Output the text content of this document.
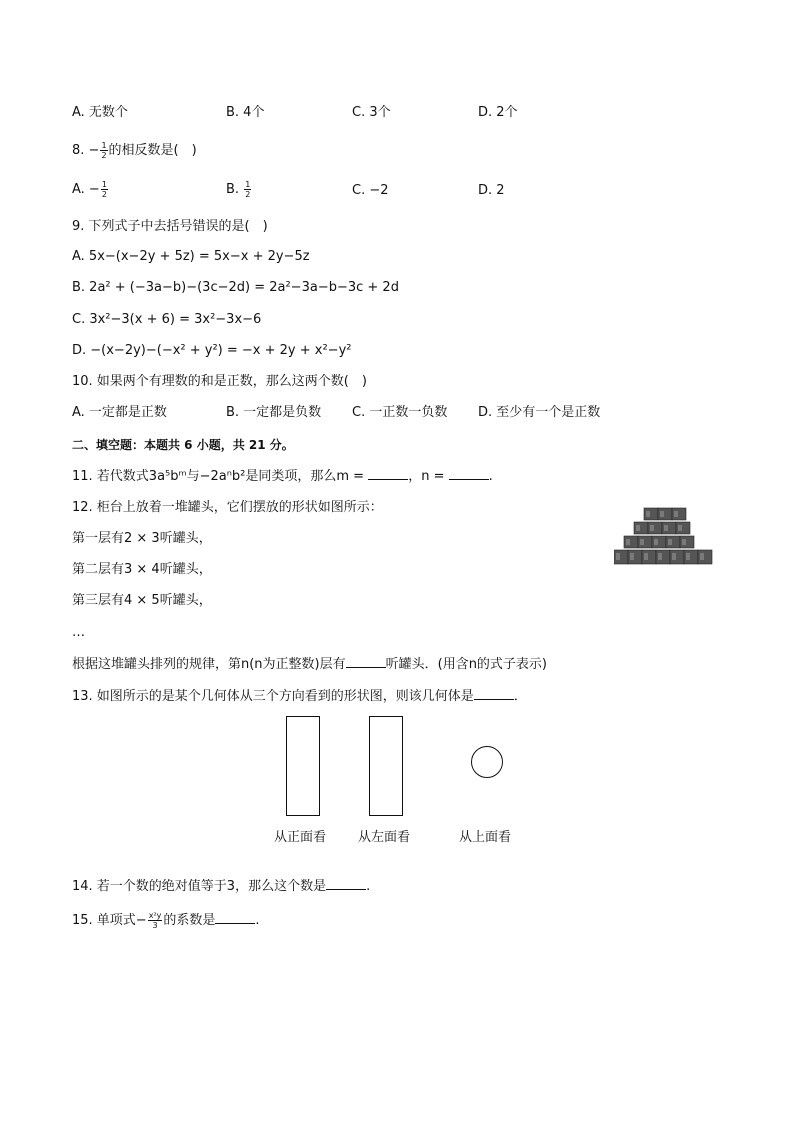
A. 无数个	B. 4个	C. 3个	D. 2个
8. − $\frac{1}{2}$ 的相反数是(　)
A. − $\frac{1}{2}$	B. $\frac{1}{2}$	C. −2	D. 2
9. 下列式子中去括号错误的是(　)
A. 5x−(x−2y + 5z) = 5x−x + 2y−5z
B. 2a² + (−3a−b)−(3c−2d) = 2a²−3a−b−3c + 2d
C. 3x²−3(x + 6) = 3x²−3x−6
D. −(x−2y)−(−x² + y²) = −x + 2y + x²−y²
10. 如果两个有理数的和是正数，那么这两个数(　)
A. 一定都是正数	B. 一定都是负数 C. 一正数一负数 D. 至少有一个是正数
二、填空题：本题共 6 小题，共 21 分。
11. 若代数式3a⁵bᵐ与−2aⁿb²是同类项，那么m =	，n =	.
12. 柜台上放着一堆罐头，它们摆放的形状如图所示：
第一层有2 × 3听罐头，
第二层有3 × 4听罐头，
第三层有4 × 5听罐头，
…
根据这堆罐头排列的规律，第n(n为正整数)层有	听罐头．(用含n的式子表示)
13. 如图所示的是某个几何体从三个方向看到的形状图，则该几何体是	．
从正面看 从左面看	从上面看
14. 若一个数的绝对值等于3，那么这个数是	.
15. 单项式− $\frac{\text{x²y}}{3}$ 的系数是	.
